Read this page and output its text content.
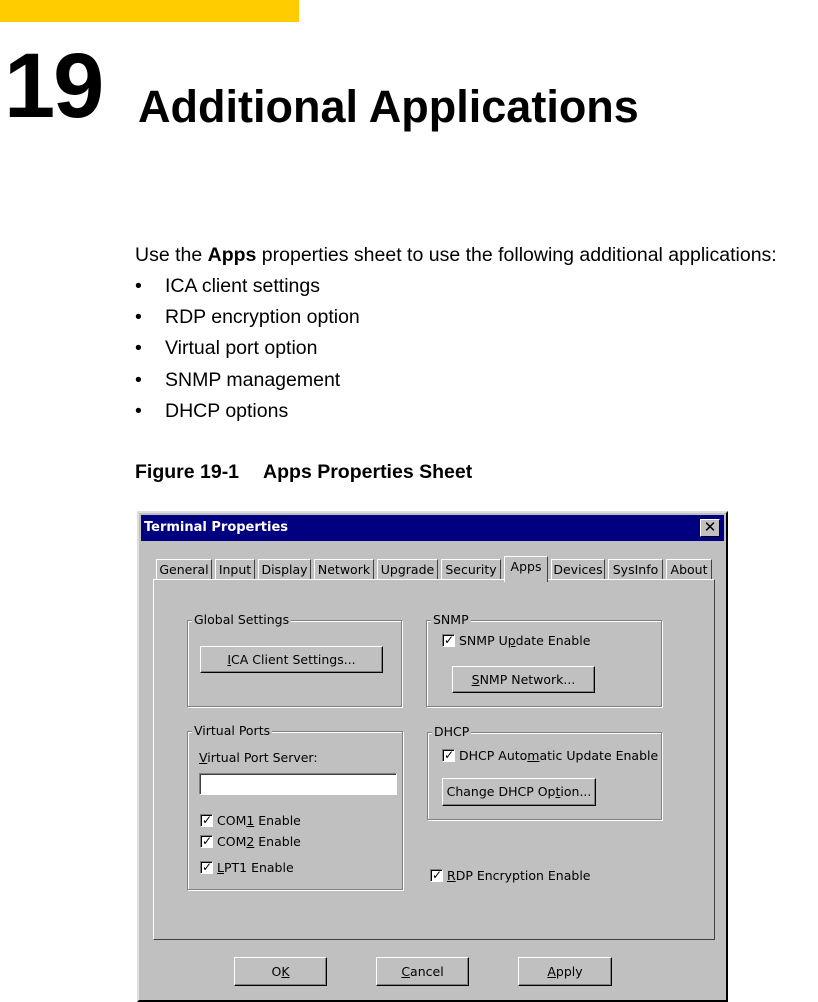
19 Additional Applications
Use the Apps properties sheet to use the following additional applications:
• ICA client settings
• RDP encryption option
• Virtual port option
• SNMP management
• DHCP options
Figure 19-1 Apps Properties Sheet
Terminal Properties	✕
General Input Display Network Upgrade Security	Apps Devices SysInfo About
Global Settings
ICA Client Settings...
SNMP
✓SNMP Update Enable
SNMP Network...
Virtual Ports
Virtual Port Server:
✓COM1 Enable
✓COM2 Enable
✓LPT1 Enable
DHCP
✓DHCP Automatic Update Enable
Change DHCP Option...
✓RDP Encryption Enable
OK	Cancel	Apply
